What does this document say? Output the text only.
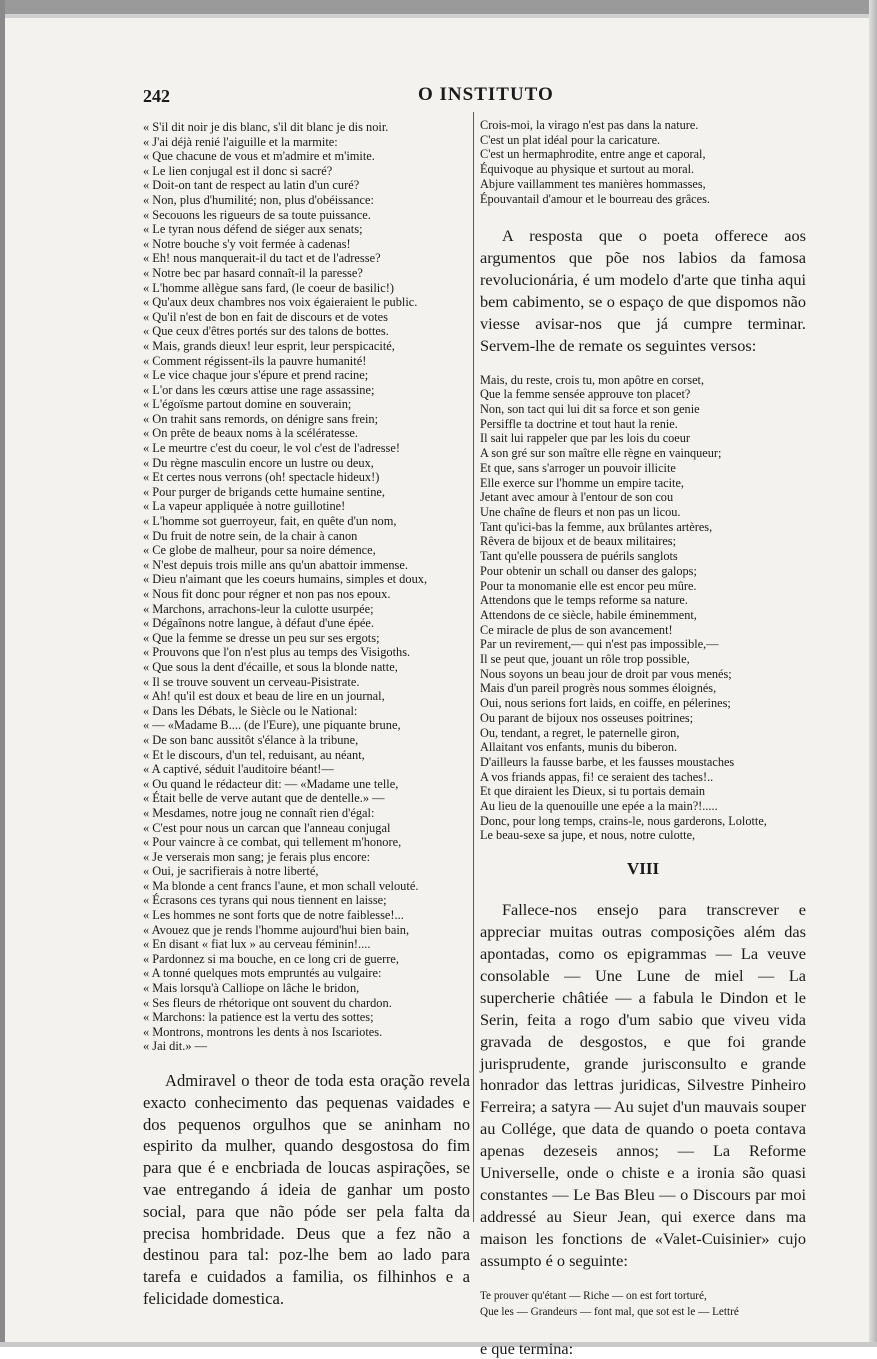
242	O INSTITUTO
« S'il dit noir je dis blanc, s'il dit blanc je dis noir.
« J'ai déjà renié l'aiguille et la marmite:
« Que chacune de vous et m'admire et m'imite.
« Le lien conjugal est il donc si sacré?
« Doit-on tant de respect au latin d'un curé?
« Non, plus d'humilité; non, plus d'obéissance:
« Secouons les rigueurs de sa toute puissance.
« Le tyran nous défend de siéger aux senats;
« Notre bouche s'y voit fermée à cadenas!
« Eh! nous manquerait-il du tact et de l'adresse?
« Notre bec par hasard connaît-il la paresse?
« L'homme allègue sans fard, (le coeur de basilic!)
« Qu'aux deux chambres nos voix égaieraient le public.
« Qu'il n'est de bon en fait de discours et de votes
« Que ceux d'êtres portés sur des talons de bottes.
« Mais, grands dieux! leur esprit, leur perspicacité,
« Comment régissent-ils la pauvre humanité!
« Le vice chaque jour s'épure et prend racine;
« L'or dans les cœurs attise une rage assassine;
« L'égoïsme partout domine en souverain;
« On trahit sans remords, on dénigre sans frein;
« On prête de beaux noms à la scélératesse.
« Le meurtre c'est du coeur, le vol c'est de l'adresse!
« Du règne masculin encore un lustre ou deux,
« Et certes nous verrons (oh! spectacle hideux!)
« Pour purger de brigands cette humaine sentine,
« La vapeur appliquée à notre guillotine!
« L'homme sot guerroyeur, fait, en quête d'un nom,
« Du fruit de notre sein, de la chair à canon
« Ce globe de malheur, pour sa noire démence,
« N'est depuis trois mille ans qu'un abattoir immense.
« Dieu n'aimant que les coeurs humains, simples et doux,
« Nous fit donc pour régner et non pas nos epoux.
« Marchons, arrachons-leur la culotte usurpée;
« Dégaînons notre langue, à défaut d'une épée.
« Que la femme se dresse un peu sur ses ergots;
« Prouvons que l'on n'est plus au temps des Visigoths.
« Que sous la dent d'écaille, et sous la blonde natte,
« Il se trouve souvent un cerveau-Pisistrate.
« Ah! qu'il est doux et beau de lire en un journal,
« Dans les Débats, le Siècle ou le National:
« — «Madame B.... (de l'Eure), une piquante brune,
« De son banc aussitôt s'élance à la tribune,
« Et le discours, d'un tel, reduisant, au néant,
« A captivé, séduit l'auditoire béant!—
« Ou quand le rédacteur dit: — «Madame une telle,
« Était belle de verve autant que de dentelle.» —
« Mesdames, notre joug ne connaît rien d'égal:
« C'est pour nous un carcan que l'anneau conjugal
« Pour vaincre à ce combat, qui tellement m'honore,
« Je verserais mon sang; je ferais plus encore:
« Oui, je sacrifierais à notre liberté,
« Ma blonde a cent francs l'aune, et mon schall velouté.
« Écrasons ces tyrans qui nous tiennent en laisse;
« Les hommes ne sont forts que de notre faiblesse!...
« Avouez que je rends l'homme aujourd'hui bien bain,
« En disant « fiat lux » au cerveau féminin!....
« Pardonnez si ma bouche, en ce long cri de guerre,
« A tonné quelques mots empruntés au vulgaire:
« Mais lorsqu'à Calliope on lâche le bridon,
« Ses fleurs de rhétorique ont souvent du chardon.
« Marchons: la patience est la vertu des sottes;
« Montrons, montrons les dents à nos Iscariotes.
« Jai dit.» —

Admiravel o theor de toda esta oração revela exacto conhecimento das pequenas vaidades e dos pequenos orgulhos que se aninham no espirito da mulher, quando desgostosa do fim para que é e encbriada de loucas aspirações, se vae entregando á ideia de ganhar um posto social, para que não póde ser pela falta da precisa hombridade. Deus que a fez não a destinou para tal: poz-lhe bem ao lado para tarefa e cuidados a familia, os filhinhos e a felicidade domestica.

Crois-moi, la virago n'est pas dans la nature.
C'est un plat idéal pour la caricature.
C'est un hermaphrodite, entre ange et caporal,
Équivoque au physique et surtout au moral.
Abjure vaillamment tes manières hommasses,
Épouvantail d'amour et le bourreau des grâces.

A resposta que o poeta offerece aos argumentos que põe nos labios da famosa revolucionária, é um modelo d'arte que tinha aqui bem cabimento, se o espaço de que dispomos não viesse avisar-nos que já cumpre terminar. Servem-lhe de remate os seguintes versos:

Mais, du reste, crois tu, mon apôtre en corset,
Que la femme sensée approuve ton placet?
Non, son tact qui lui dit sa force et son genie
Persiffle ta doctrine et tout haut la renie.
Il sait lui rappeler que par les lois du coeur
A son gré sur son maître elle règne en vainqueur;
Et que, sans s'arroger un pouvoir illicite
Elle exerce sur l'homme un empire tacite,
Jetant avec amour à l'entour de son cou
Une chaîne de fleurs et non pas un licou.
Tant qu'ici-bas la femme, aux brûlantes artères,
Rêvera de bijoux et de beaux militaires;
Tant qu'elle poussera de puérils sanglots
Pour obtenir un schall ou danser des galops;
Pour ta monomanie elle est encor peu mûre.
Attendons que le temps reforme sa nature.
Attendons de ce siècle, habile éminemment,
Ce miracle de plus de son avancement!
Par un revirement,— qui n'est pas impossible,—
Il se peut que, jouant un rôle trop possible,
Nous soyons un beau jour de droit par vous menés;
Mais d'un pareil progrès nous sommes éloignés,
Oui, nous serions fort laids, en coiffe, en pélerines;
Ou parant de bijoux nos osseuses poitrines;
Ou, tendant, a regret, le paternelle giron,
Allaitant vos enfants, munis du biberon.
D'ailleurs la fausse barbe, et les fausses moustaches
A vos friands appas, fi! ce seraient des taches!..
Et que diraient les Dieux, si tu portais demain
Au lieu de la quenouille une epée a la main?!.....
Donc, pour long temps, crains-le, nous garderons, Lolotte,
Le beau-sexe sa jupe, et nous, notre culotte,
VIII

Fallece-nos ensejo para transcrever e appreciar muitas outras composições além das apontadas, como os epigrammas — La veuve consolable — Une Lune de miel — La supercherie châtiée — a fabula le Dindon et le Serin, feita a rogo d'um sabio que viveu vida gravada de desgostos, e que foi grande jurisprudente, grande jurisconsulto e grande honrador das lettras juridicas, Silvestre Pinheiro Ferreira; a satyra — Au sujet d'un mauvais souper au Collége, que data de quando o poeta contava apenas dezeseis annos; — La Reforme Universelle, onde o chiste e a ironia são quasi constantes — Le Bas Bleu — o Discours par moi addressé au Sieur Jean, qui exerce dans ma maison les fonctions de «Valet-Cuisinier» cujo assumpto é o seguinte:

Te prouver qu'étant — Riche — on est fort torturé,
Que les — Grandeurs — font mal, que sot est le — Lettré
e que termina:
